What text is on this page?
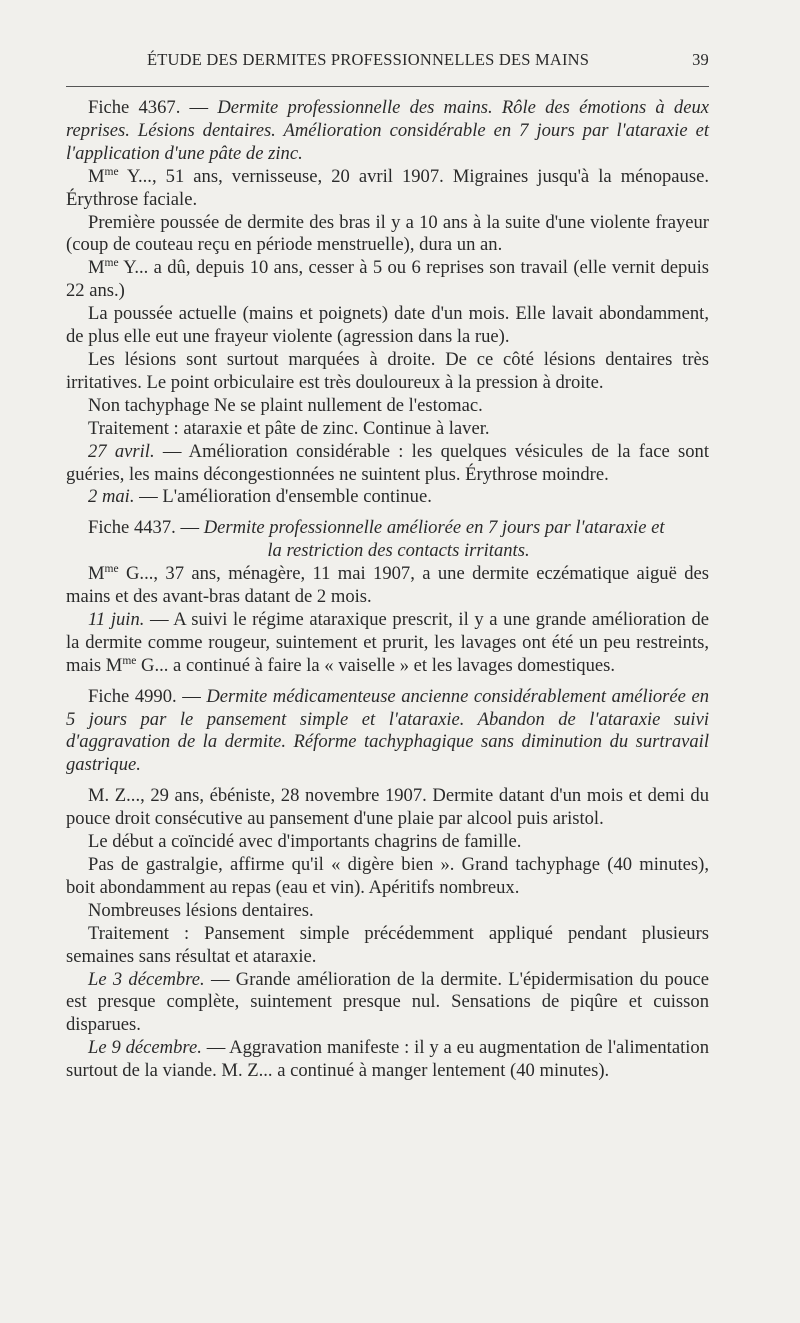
ÉTUDE DES DERMITES PROFESSIONNELLES DES MAINS	39

Fiche 4367. — Dermite professionnelle des mains. Rôle des émotions à deux reprises. Lésions dentaires. Amélioration considérable en 7 jours par l'ataraxie et l'application d'une pâte de zinc.

$M^{me}$ Y..., 51 ans, vernisseuse, 20 avril 1907. Migraines jusqu'à la ménopause. Érythrose faciale.

Première poussée de dermite des bras il y a 10 ans à la suite d'une violente frayeur (coup de couteau reçu en période menstruelle), dura un an.

$M^{me}$ Y... a dû, depuis 10 ans, cesser à 5 ou 6 reprises son travail (elle vernit depuis 22 ans.)

La poussée actuelle (mains et poignets) date d'un mois. Elle lavait abondamment, de plus elle eut une frayeur violente (agression dans la rue).

Les lésions sont surtout marquées à droite. De ce côté lésions dentaires très irritatives. Le point orbiculaire est très douloureux à la pression à droite.

Non tachyphage Ne se plaint nullement de l'estomac.

Traitement : ataraxie et pâte de zinc. Continue à laver.

27 avril. — Amélioration considérable : les quelques vésicules de la face sont guéries, les mains décongestionnées ne suintent plus. Érythrose moindre.

2 mai. — L'amélioration d'ensemble continue.

Fiche 4437. — Dermite professionnelle améliorée en 7 jours par l'ataraxie et
la restriction des contacts irritants.

$M^{me}$ G..., 37 ans, ménagère, 11 mai 1907, a une dermite eczématique aiguë des mains et des avant-bras datant de 2 mois.

11 juin. — A suivi le régime ataraxique prescrit, il y a une grande amélioration de la dermite comme rougeur, suintement et prurit, les lavages ont été un peu restreints, mais $M^{me}$ G... a continué à faire la « vaiselle » et les lavages domestiques.

Fiche 4990. — Dermite médicamenteuse ancienne considérablement améliorée en 5 jours par le pansement simple et l'ataraxie. Abandon de l'ataraxie suivi d'aggravation de la dermite. Réforme tachyphagique sans diminution du surtravail gastrique.

M. Z..., 29 ans, ébéniste, 28 novembre 1907. Dermite datant d'un mois et demi du pouce droit consécutive au pansement d'une plaie par alcool puis aristol.

Le début a coïncidé avec d'importants chagrins de famille.

Pas de gastralgie, affirme qu'il « digère bien ». Grand tachyphage (40 minutes), boit abondamment au repas (eau et vin). Apéritifs nombreux.

Nombreuses lésions dentaires.

Traitement : Pansement simple précédemment appliqué pendant plusieurs semaines sans résultat et ataraxie.

Le 3 décembre. — Grande amélioration de la dermite. L'épidermisation du pouce est presque complète, suintement presque nul. Sensations de piqûre et cuisson disparues.

Le 9 décembre. — Aggravation manifeste : il y a eu augmentation de l'alimentation surtout de la viande. M. Z... a continué à manger lentement (40 minutes).
